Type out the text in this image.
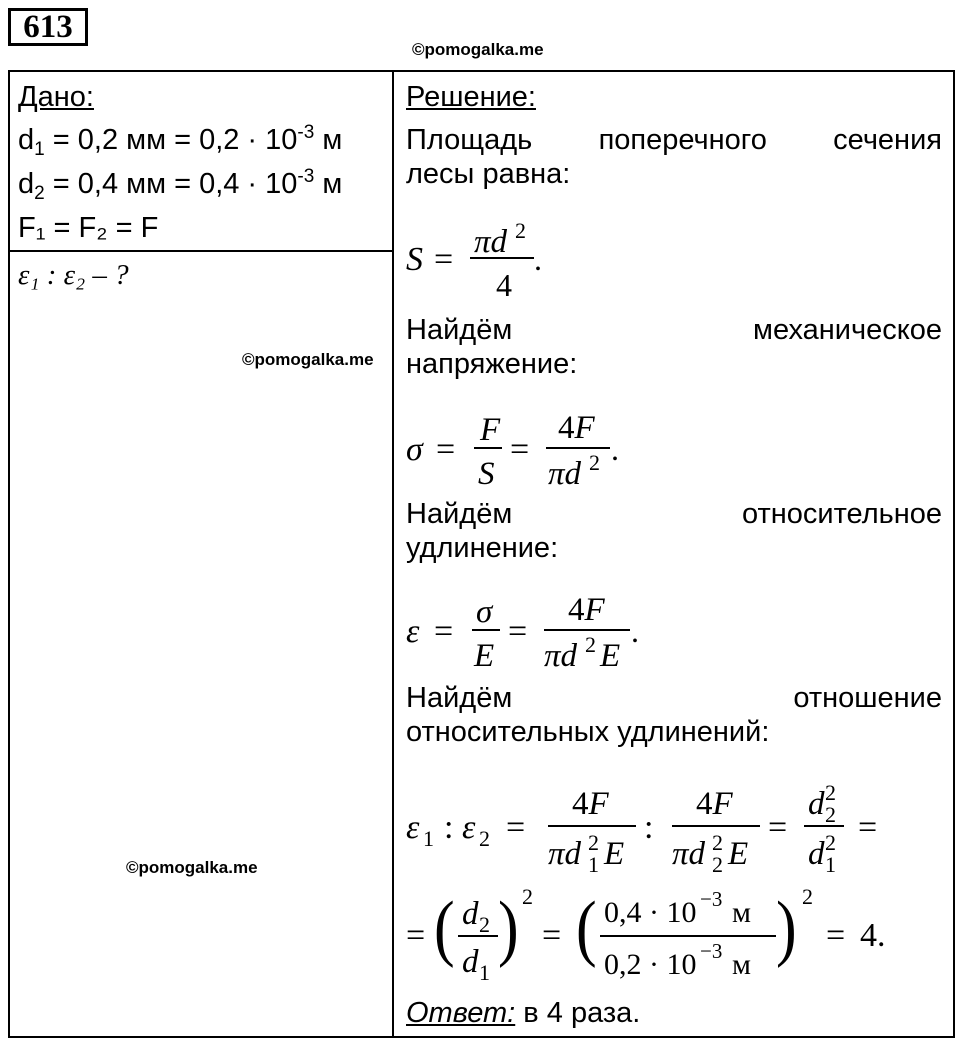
613
©pomogalka.me
©pomogalka.me
©pomogalka.me
Дано:
$d_1 = 0,2$ мм = $0,2 \cdot 10^{-3}$ м
$d_2 = 0,4$ мм = $0,4 \cdot 10^{-3}$ м
F₁ = F₂ = F
ε₁ : ε₂ – ?
Решение:
Площадь поперечного сечения
лесы равна:
S = πd 2
4
.
Найдём	механическое
напряжение:
σ =
F
S
=
4F
πd 2 .
Найдём	относительное
удлинение:
ε =
σ
E
=
4F
πd 2 E
.
Найдём	отношение
относительных удлинений:
ε 1 : ε 2 =
4F
πd 2
1 E
:
4F
πd 2
2 E
=
d 2
2
d 2
1
=
= ( d 2
d 1
) 2
= ( 0,4 · 10 −3 м
0,2 · 10 −3 м ) 2
= 4.
Ответ: в 4 раза.
